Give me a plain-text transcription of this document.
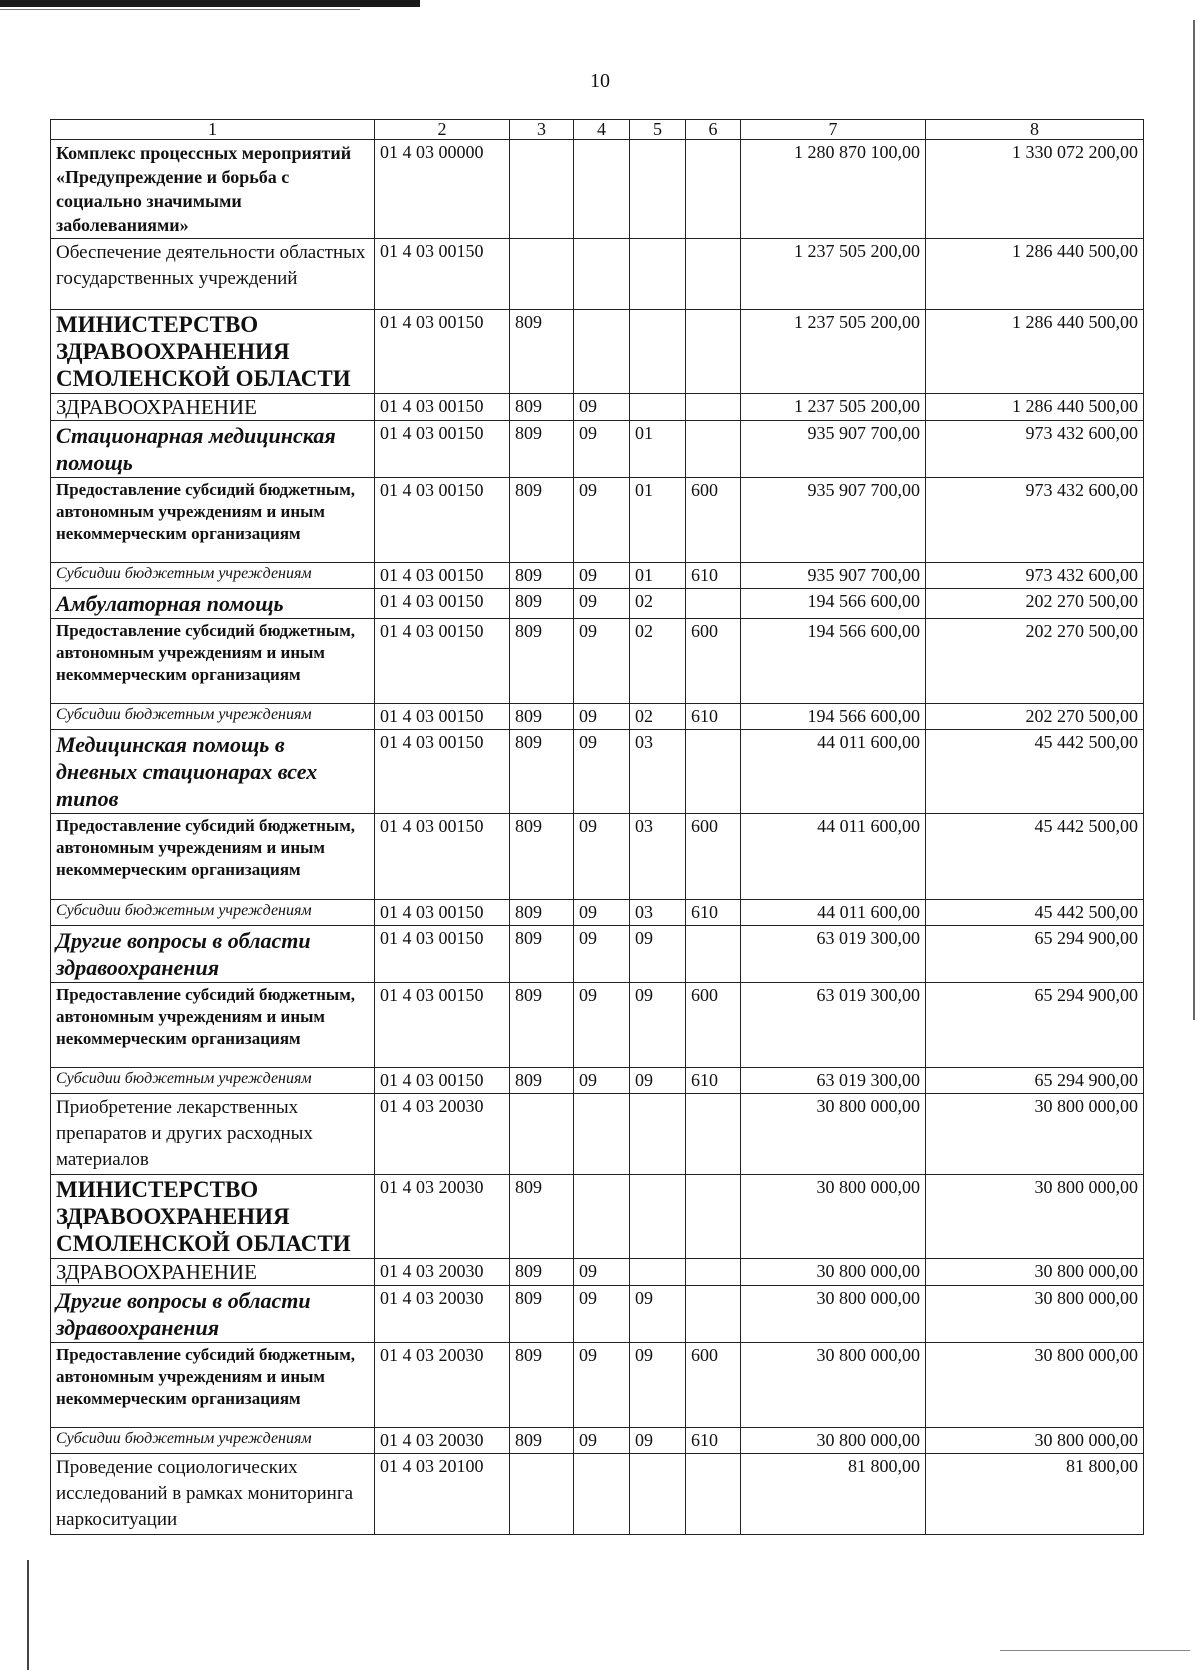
10
1	2	3	4	5	6	7	8
Комплекс процессных мероприятий «Предупреждение и борьба с социально значимыми заболеваниями»	01 4 03 00000					1 280 870 100,00	1 330 072 200,00
Обеспечение деятельности областных государственных учреждений	01 4 03 00150					1 237 505 200,00	1 286 440 500,00
МИНИСТЕРСТВО ЗДРАВООХРАНЕНИЯ СМОЛЕНСКОЙ ОБЛАСТИ	01 4 03 00150	809				1 237 505 200,00	1 286 440 500,00
ЗДРАВООХРАНЕНИЕ	01 4 03 00150	809	09			1 237 505 200,00	1 286 440 500,00
Стационарная медицинская помощь	01 4 03 00150	809	09	01		935 907 700,00	973 432 600,00
Предоставление субсидий бюджетным, автономным учреждениям и иным некоммерческим организациям	01 4 03 00150	809	09	01	600	935 907 700,00	973 432 600,00
Субсидии бюджетным учреждениям	01 4 03 00150	809	09	01	610	935 907 700,00	973 432 600,00
Амбулаторная помощь	01 4 03 00150	809	09	02		194 566 600,00	202 270 500,00
Предоставление субсидий бюджетным, автономным учреждениям и иным некоммерческим организациям	01 4 03 00150	809	09	02	600	194 566 600,00	202 270 500,00
Субсидии бюджетным учреждениям	01 4 03 00150	809	09	02	610	194 566 600,00	202 270 500,00
Медицинская помощь в дневных стационарах всех типов	01 4 03 00150	809	09	03		44 011 600,00	45 442 500,00
Предоставление субсидий бюджетным, автономным учреждениям и иным некоммерческим организациям	01 4 03 00150	809	09	03	600	44 011 600,00	45 442 500,00
Субсидии бюджетным учреждениям	01 4 03 00150	809	09	03	610	44 011 600,00	45 442 500,00
Другие вопросы в области здравоохранения	01 4 03 00150	809	09	09		63 019 300,00	65 294 900,00
Предоставление субсидий бюджетным, автономным учреждениям и иным некоммерческим организациям	01 4 03 00150	809	09	09	600	63 019 300,00	65 294 900,00
Субсидии бюджетным учреждениям	01 4 03 00150	809	09	09	610	63 019 300,00	65 294 900,00
Приобретение лекарственных препаратов и других расходных материалов	01 4 03 20030					30 800 000,00	30 800 000,00
МИНИСТЕРСТВО ЗДРАВООХРАНЕНИЯ СМОЛЕНСКОЙ ОБЛАСТИ	01 4 03 20030	809				30 800 000,00	30 800 000,00
ЗДРАВООХРАНЕНИЕ	01 4 03 20030	809	09			30 800 000,00	30 800 000,00
Другие вопросы в области здравоохранения	01 4 03 20030	809	09	09		30 800 000,00	30 800 000,00
Предоставление субсидий бюджетным, автономным учреждениям и иным некоммерческим организациям	01 4 03 20030	809	09	09	600	30 800 000,00	30 800 000,00
Субсидии бюджетным учреждениям	01 4 03 20030	809	09	09	610	30 800 000,00	30 800 000,00
Проведение социологических исследований в рамках мониторинга наркоситуации	01 4 03 20100					81 800,00	81 800,00
